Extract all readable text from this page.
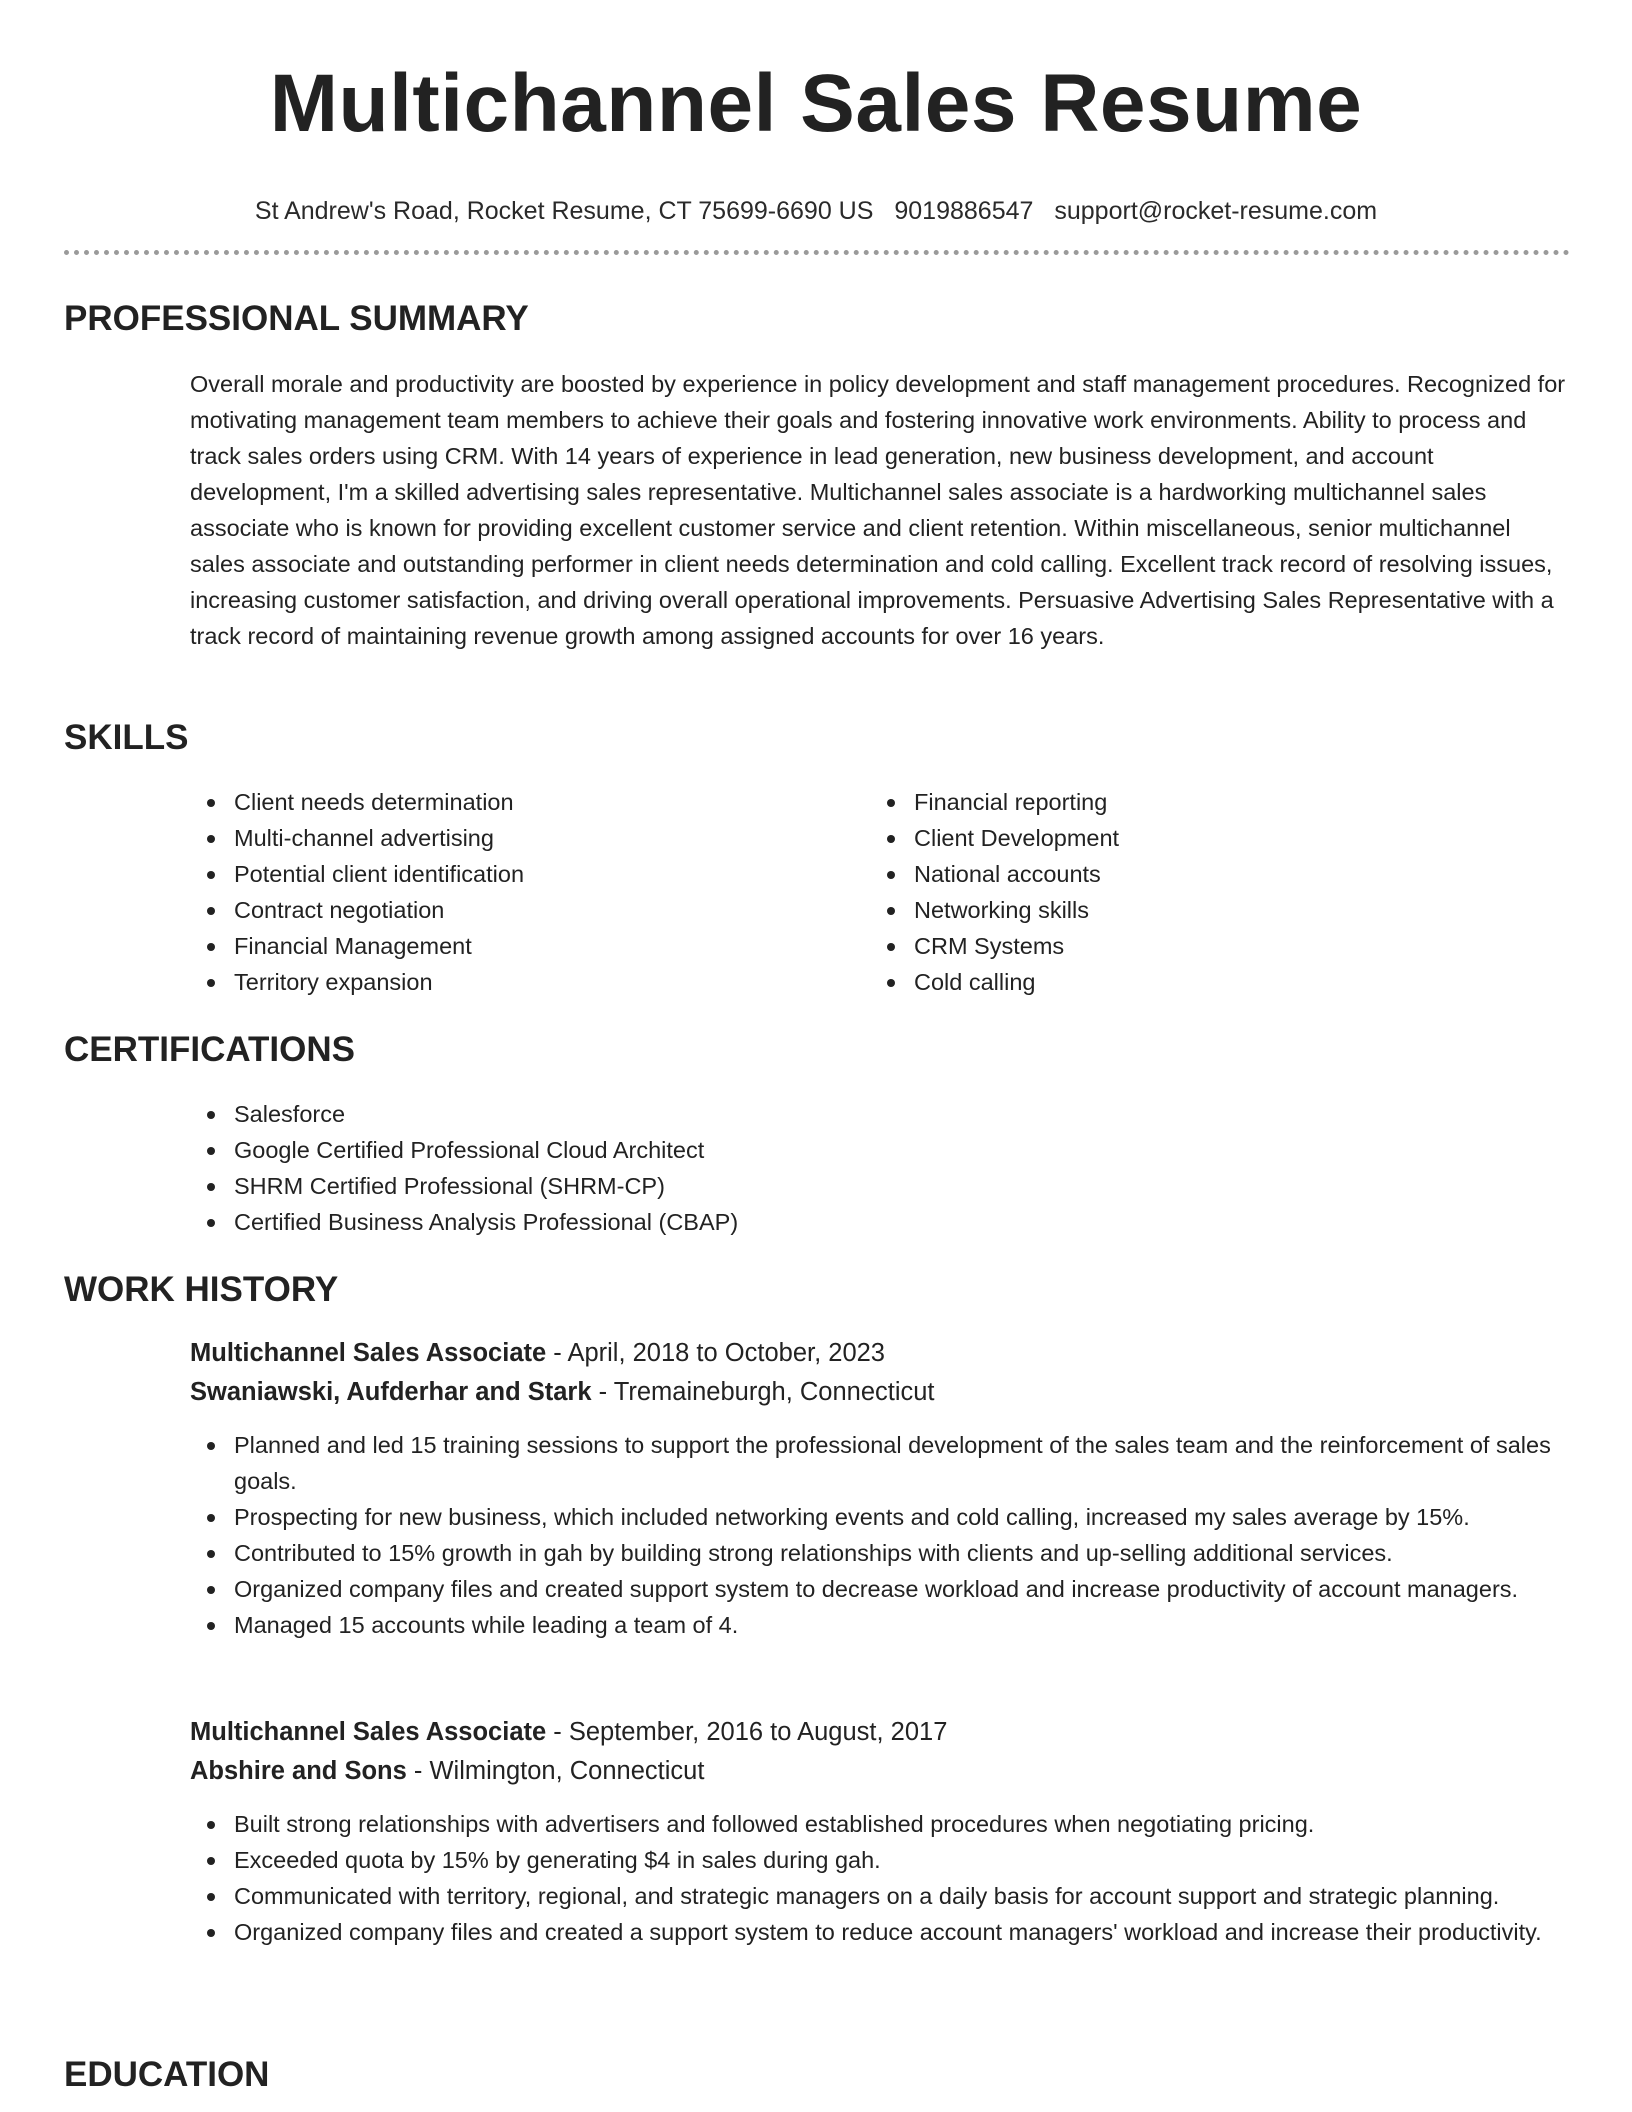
Multichannel Sales Resume
St Andrew's Road, Rocket Resume, CT 75699-6690 US 9019886547 support@rocket-resume.com
PROFESSIONAL SUMMARY

Overall morale and productivity are boosted by experience in policy development and staff management procedures. Recognized for motivating management team members to achieve their goals and fostering innovative work environments. Ability to process and track sales orders using CRM. With 14 years of experience in lead generation, new business development, and account development, I'm a skilled advertising sales representative. Multichannel sales associate is a hardworking multichannel sales associate who is known for providing excellent customer service and client retention. Within miscellaneous, senior multichannel sales associate and outstanding performer in client needs determination and cold calling. Excellent track record of resolving issues, increasing customer satisfaction, and driving overall operational improvements. Persuasive Advertising Sales Representative with a track record of maintaining revenue growth among assigned accounts for over 16 years.

SKILLS
Client needs determination
Multi-channel advertising
Potential client identification
Contract negotiation
Financial Management
Territory expansion
Financial reporting
Client Development
National accounts
Networking skills
CRM Systems
Cold calling
CERTIFICATIONS
Salesforce
Google Certified Professional Cloud Architect
SHRM Certified Professional (SHRM-CP)
Certified Business Analysis Professional (CBAP)
WORK HISTORY
Multichannel Sales Associate - April, 2018 to October, 2023
Swaniawski, Aufderhar and Stark - Tremaineburgh, Connecticut
Planned and led 15 training sessions to support the professional development of the sales team and the reinforcement of sales goals.
Prospecting for new business, which included networking events and cold calling, increased my sales average by 15%.
Contributed to 15% growth in gah by building strong relationships with clients and up-selling additional services.
Organized company files and created support system to decrease workload and increase productivity of account managers.
Managed 15 accounts while leading a team of 4.
Multichannel Sales Associate - September, 2016 to August, 2017
Abshire and Sons - Wilmington, Connecticut
Built strong relationships with advertisers and followed established procedures when negotiating pricing.
Exceeded quota by 15% by generating $4 in sales during gah.
Communicated with territory, regional, and strategic managers on a daily basis for account support and strategic planning.
Organized company files and created a support system to reduce account managers' workload and increase their productivity.
EDUCATION
